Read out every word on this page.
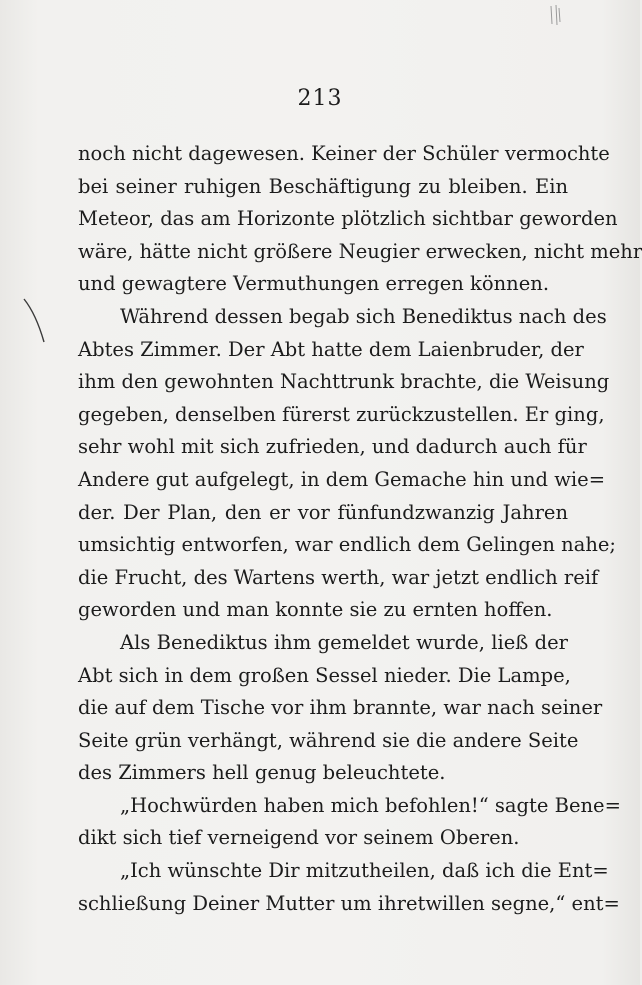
213
noch nicht dagewesen. Keiner der Schüler vermochte
bei seiner ruhigen Beschäftigung zu bleiben. Ein
Meteor, das am Horizonte plötzlich sichtbar geworden
wäre, hätte nicht größere Neugier erwecken, nicht mehr
und gewagtere Vermuthungen erregen können.
Während dessen begab sich Benediktus nach des
Abtes Zimmer. Der Abt hatte dem Laienbruder, der
ihm den gewohnten Nachttrunk brachte, die Weisung
gegeben, denselben fürerst zurückzustellen. Er ging,
sehr wohl mit sich zufrieden, und dadurch auch für
Andere gut aufgelegt, in dem Gemache hin und wie=
der. Der Plan, den er vor fünfundzwanzig Jahren
umsichtig entworfen, war endlich dem Gelingen nahe;
die Frucht, des Wartens werth, war jetzt endlich reif
geworden und man konnte sie zu ernten hoffen.
Als Benediktus ihm gemeldet wurde, ließ der
Abt sich in dem großen Sessel nieder. Die Lampe,
die auf dem Tische vor ihm brannte, war nach seiner
Seite grün verhängt, während sie die andere Seite
des Zimmers hell genug beleuchtete.
„Hochwürden haben mich befohlen!“ sagte Bene=
dikt sich tief verneigend vor seinem Oberen.
„Ich wünschte Dir mitzutheilen, daß ich die Ent=
schließung Deiner Mutter um ihretwillen segne,“ ent=
